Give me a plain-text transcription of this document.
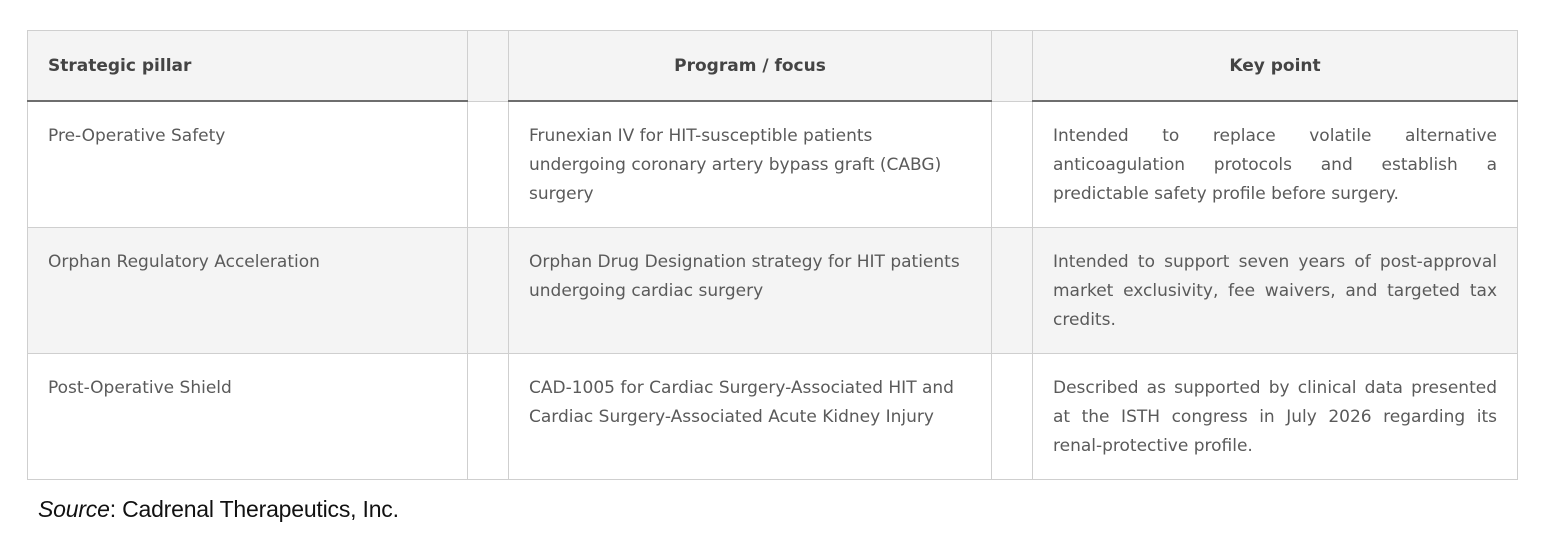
Strategic pillar		Program / focus		Key point
Pre-Operative Safety		Frunexian IV for HIT-susceptible patients undergoing coronary artery bypass graft (CABG) surgery		Intended to replace volatile alternative anticoagulation protocols and establish a predictable safety profile before surgery.
Orphan Regulatory Acceleration		Orphan Drug Designation strategy for HIT patients undergoing cardiac surgery		Intended to support seven years of post-approval market exclusivity, fee waivers, and targeted tax credits.
Post-Operative Shield		CAD-1005 for Cardiac Surgery-Associated HIT and Cardiac Surgery-Associated Acute Kidney Injury		Described as supported by clinical data presented at the ISTH congress in July 2026 regarding its renal-protective profile.
Source: Cadrenal Therapeutics, Inc.
